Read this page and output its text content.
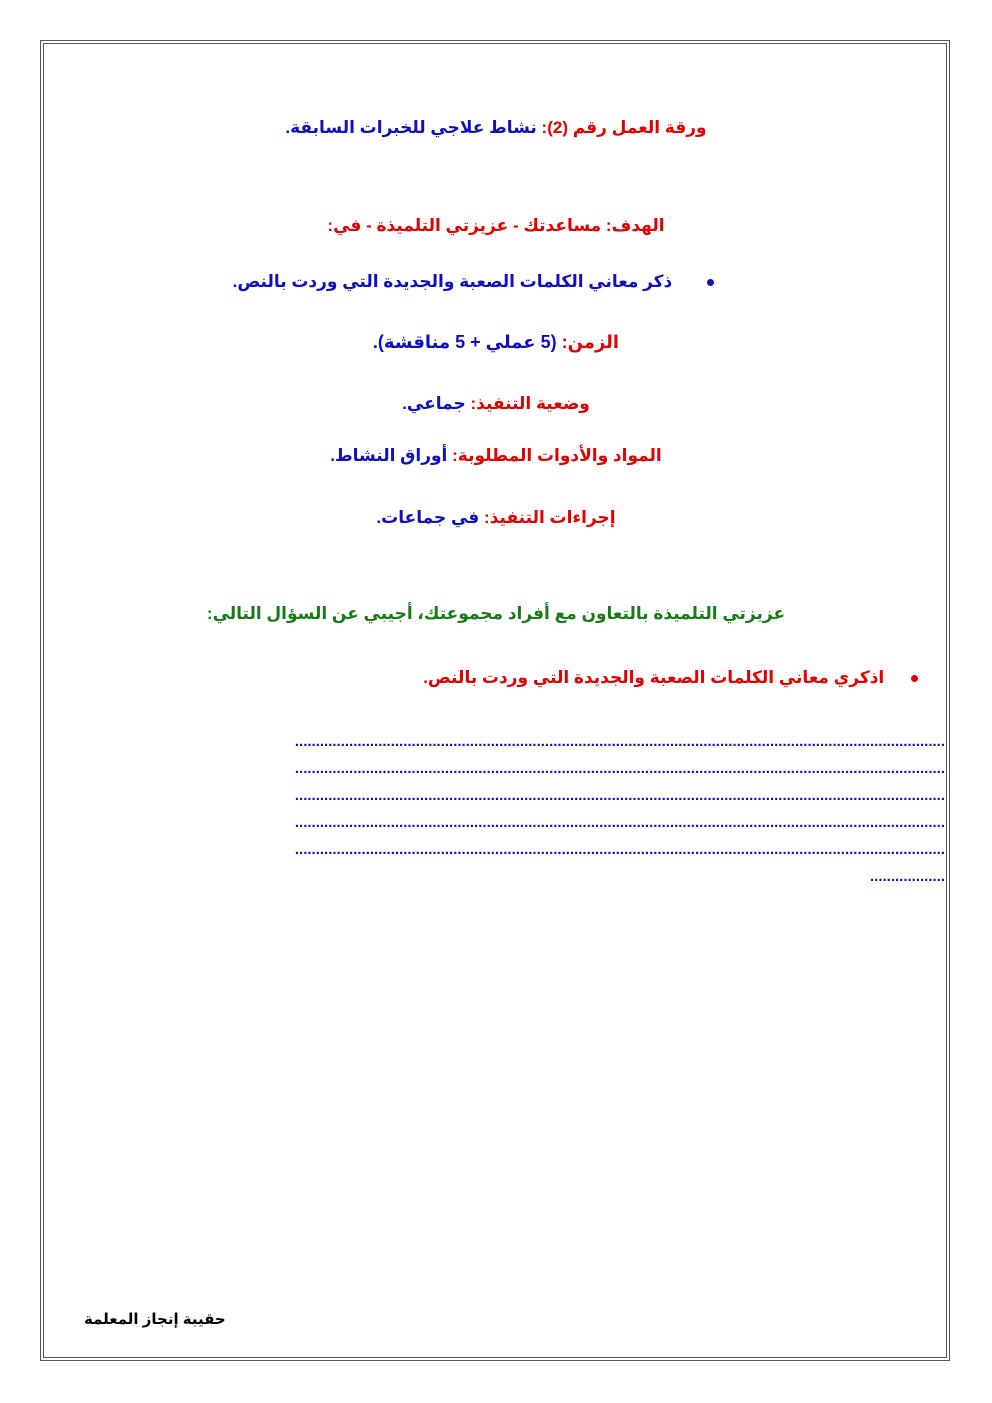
ورقة العمل رقم (2): نشاط علاجي للخبرات السابقة.
الهدف: مساعدتك - عزيزتي التلميذة - في:
ذكر معاني الكلمات الصعبة والجديدة التي وردت بالنص.
الزمن: (5 عملي + 5 مناقشة).
وضعية التنفيذ: جماعي.
المواد والأدوات المطلوبة: أوراق النشاط.
إجراءات التنفيذ: في جماعات.
عزيزتي التلميذة بالتعاون مع أفراد مجموعتك، أجيبي عن السؤال التالي:
اذكري معاني الكلمات الصعبة والجديدة التي وردت بالنص.
............................................................................................................................................................
............................................................................................................................................................
............................................................................................................................................................
............................................................................................................................................................
............................................................................................................................................................
..................
حقيبة إنجاز المعلمة
